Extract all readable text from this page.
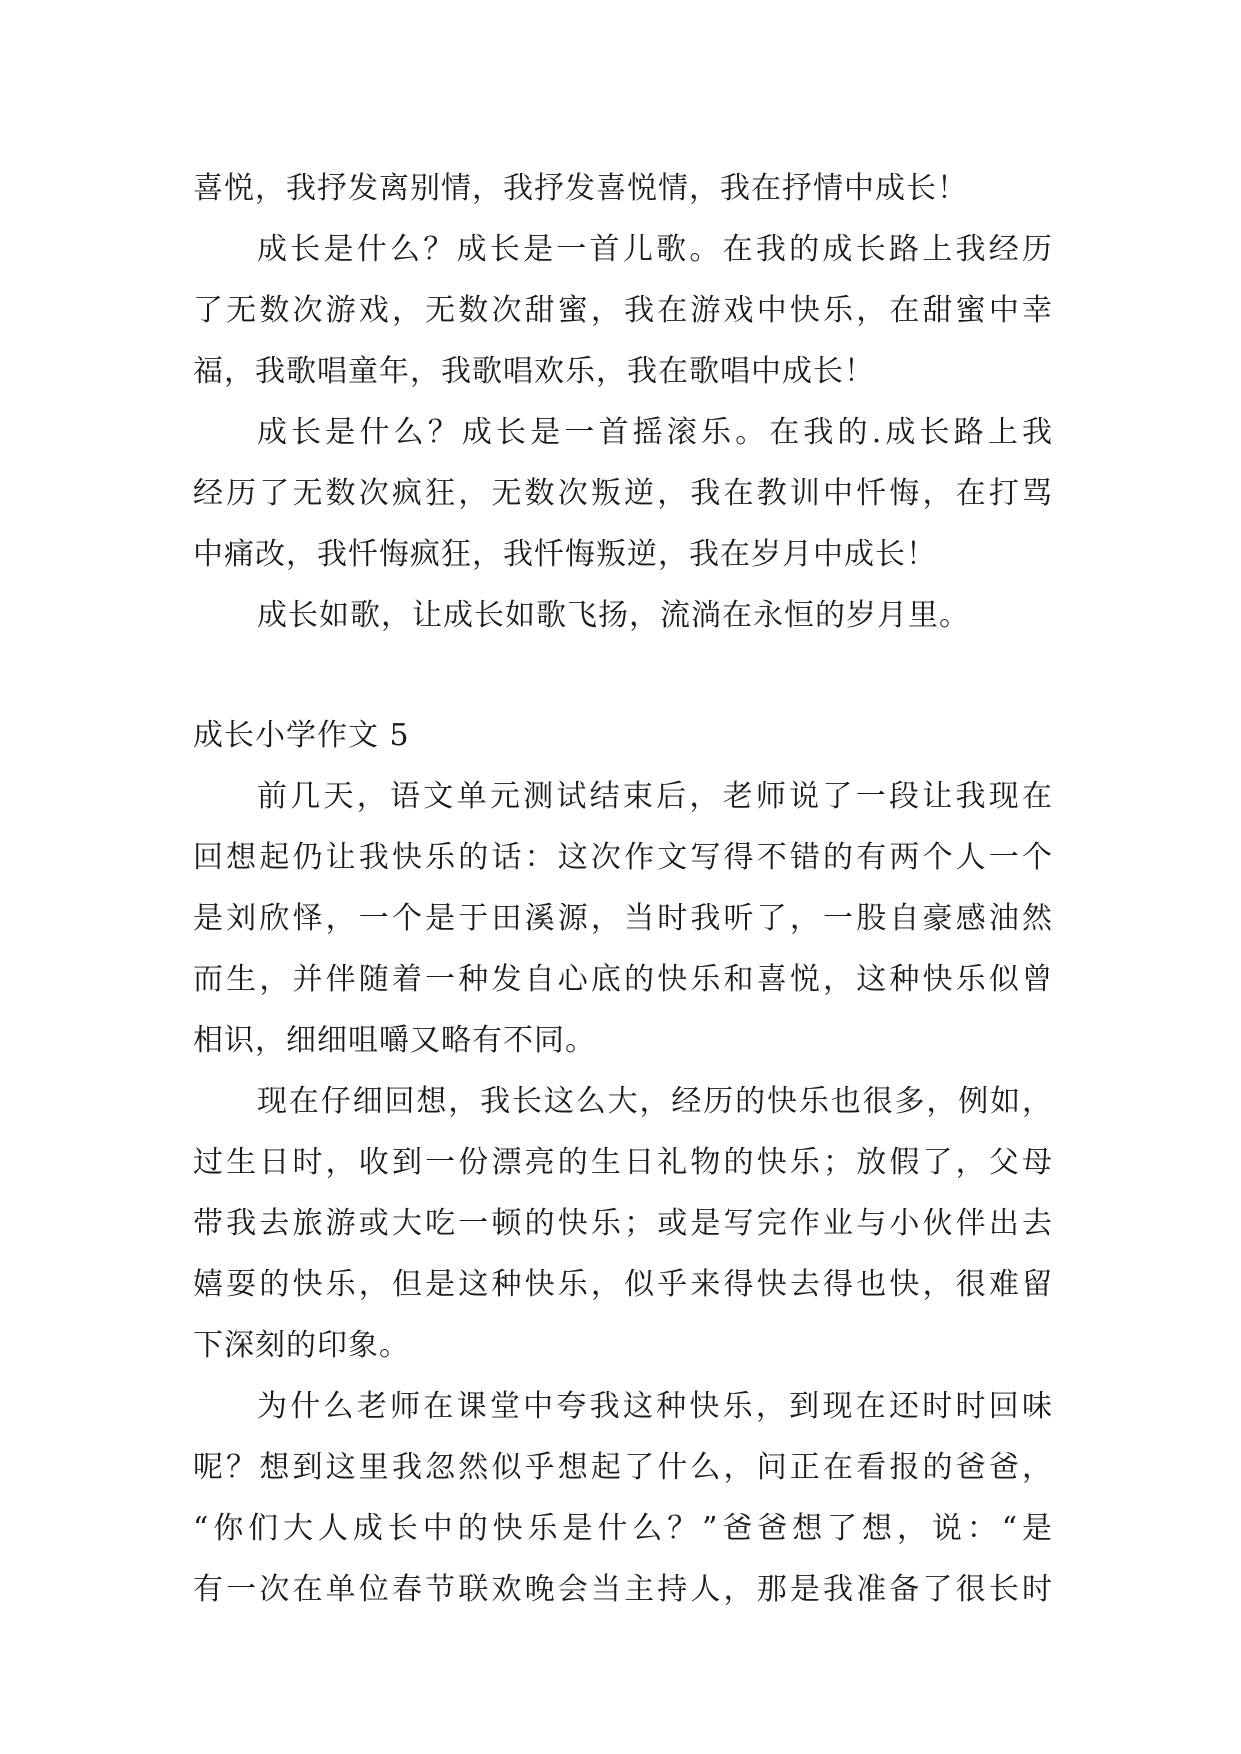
喜悦，我抒发离别情，我抒发喜悦情，我在抒情中成长！
成长是什么？成长是一首儿歌。在我的成长路上我经历
了无数次游戏，无数次甜蜜，我在游戏中快乐，在甜蜜中幸
福，我歌唱童年，我歌唱欢乐，我在歌唱中成长！
成长是什么？成长是一首摇滚乐。在我的.成长路上我
经历了无数次疯狂，无数次叛逆，我在教训中忏悔，在打骂
中痛改，我忏悔疯狂，我忏悔叛逆，我在岁月中成长！
成长如歌，让成长如歌飞扬，流淌在永恒的岁月里。
成长小学作文 5
前几天，语文单元测试结束后，老师说了一段让我现在
回想起仍让我快乐的话：这次作文写得不错的有两个人一个
是刘欣怿，一个是于田溪源，当时我听了，一股自豪感油然
而生，并伴随着一种发自心底的快乐和喜悦，这种快乐似曾
相识，细细咀嚼又略有不同。
现在仔细回想，我长这么大，经历的快乐也很多，例如，
过生日时，收到一份漂亮的生日礼物的快乐；放假了，父母
带我去旅游或大吃一顿的快乐；或是写完作业与小伙伴出去
嬉耍的快乐，但是这种快乐，似乎来得快去得也快，很难留
下深刻的印象。
为什么老师在课堂中夸我这种快乐，到现在还时时回味
呢？想到这里我忽然似乎想起了什么，问正在看报的爸爸，
“你们大人成长中的快乐是什么？”爸爸想了想，说：“是
有一次在单位春节联欢晚会当主持人，那是我准备了很长时
